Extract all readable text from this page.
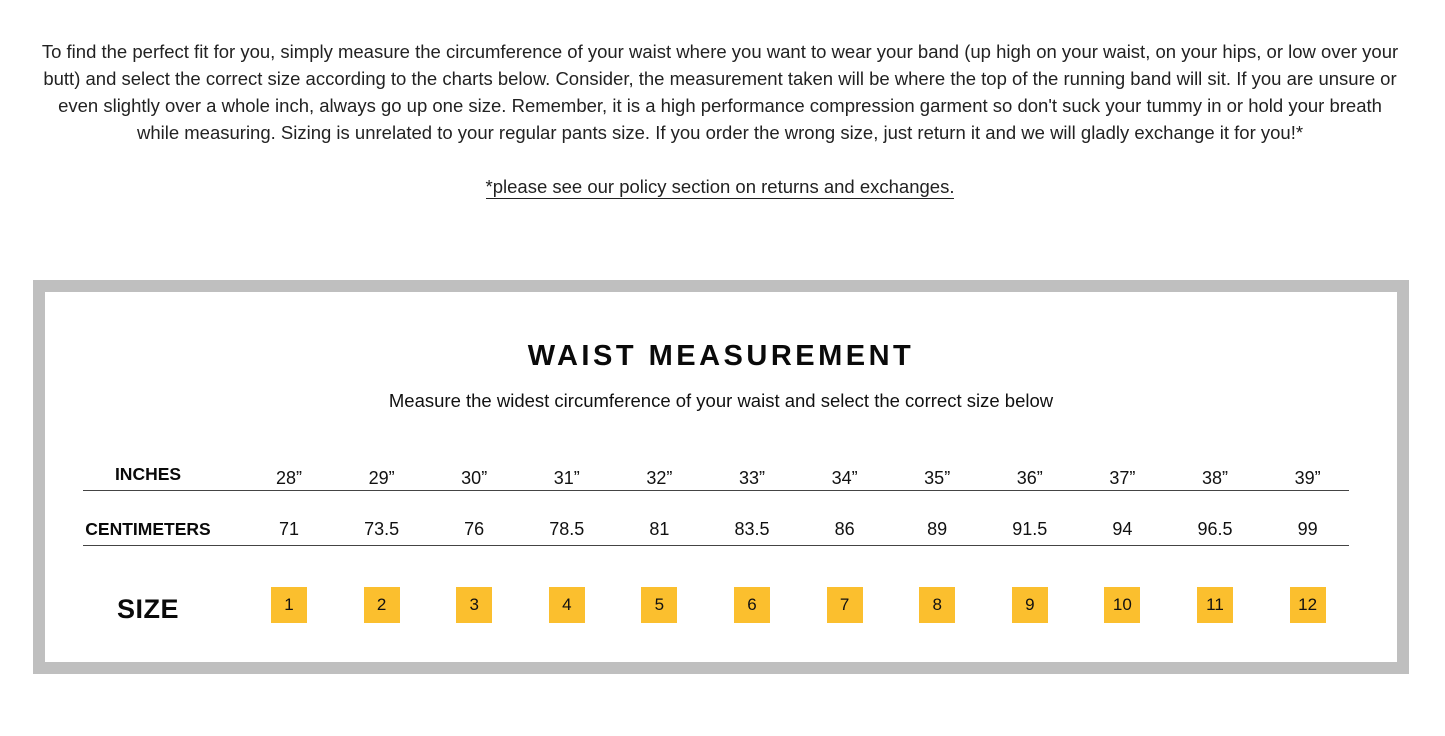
To find the perfect fit for you, simply measure the circumference of your waist where you want to wear your band (up high on your waist, on your hips, or low over your butt) and select the correct size according to the charts below. Consider, the measurement taken will be where the top of the running band will sit. If you are unsure or even slightly over a whole inch, always go up one size. Remember, it is a high performance compression garment so don't suck your tummy in or hold your breath while measuring. Sizing is unrelated to your regular pants size. If you order the wrong size, just return it and we will gladly exchange it for you!*
*please see our policy section on returns and exchanges.
WAIST MEASUREMENT
Measure the widest circumference of your waist and select the correct size below
INCHES
CENTIMETERS
SIZE
28”
71
1
29”
73.5
2
30”
76
3
31”
78.5
4
32”
81
5
33”
83.5
6
34”
86
7
35”
89
8
36”
91.5
9
37”
94
10
38”
96.5
11
39”
99
12
